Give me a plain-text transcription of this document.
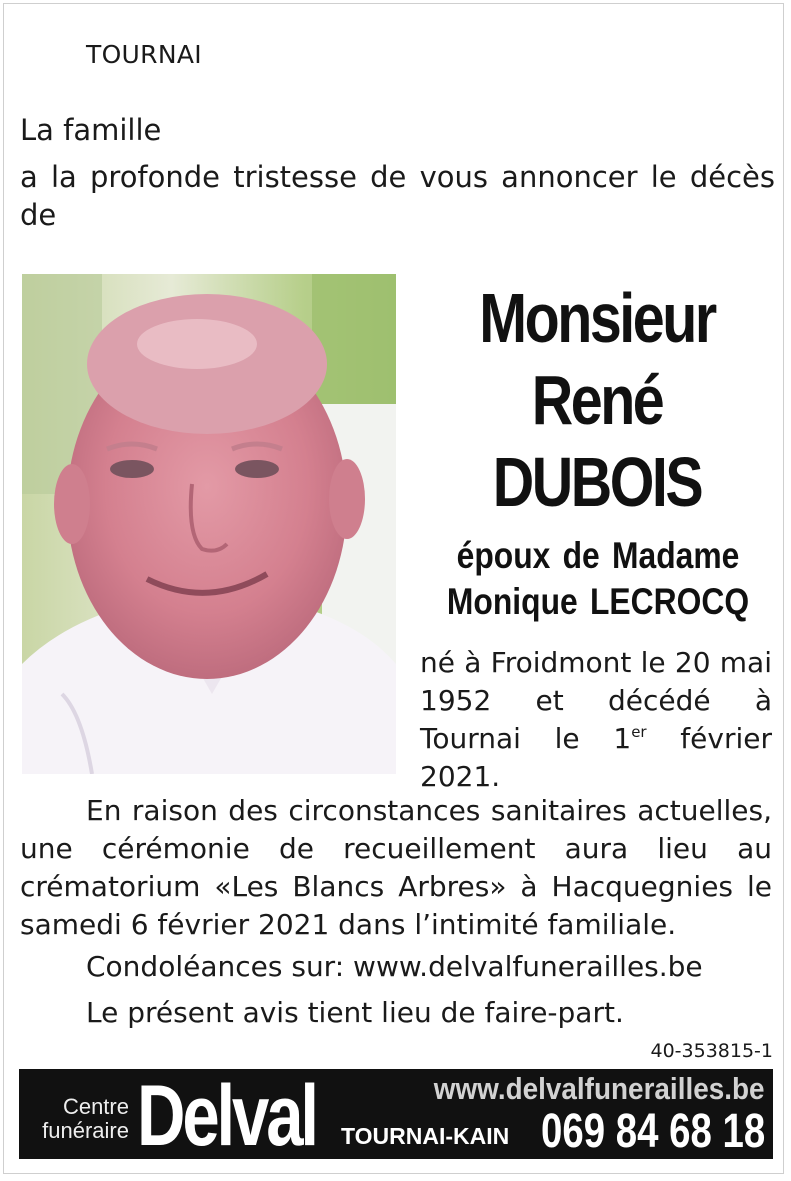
TOURNAI
La famille
a la profonde tristesse de vous annoncer le décès de
Monsieur
René
DUBOIS
époux de Madame
Monique LECROCQ
né à Froidmont le 20 mai 1952 et décédé à Tournai le 1er février 2021.
En raison des circonstances sanitaires actuelles, une cérémonie de recueillement aura lieu au crématorium «Les Blancs Arbres» à Hacquegnies le samedi 6 février 2021 dans l’intimité familiale.
Condoléances sur: www.delvalfunerailles.be
Le présent avis tient lieu de faire-part.
40-353815-1
Centre
funéraire Delval	www.delvalfunerailles.be
TOURNAI-KAIN 069 84 68 18
